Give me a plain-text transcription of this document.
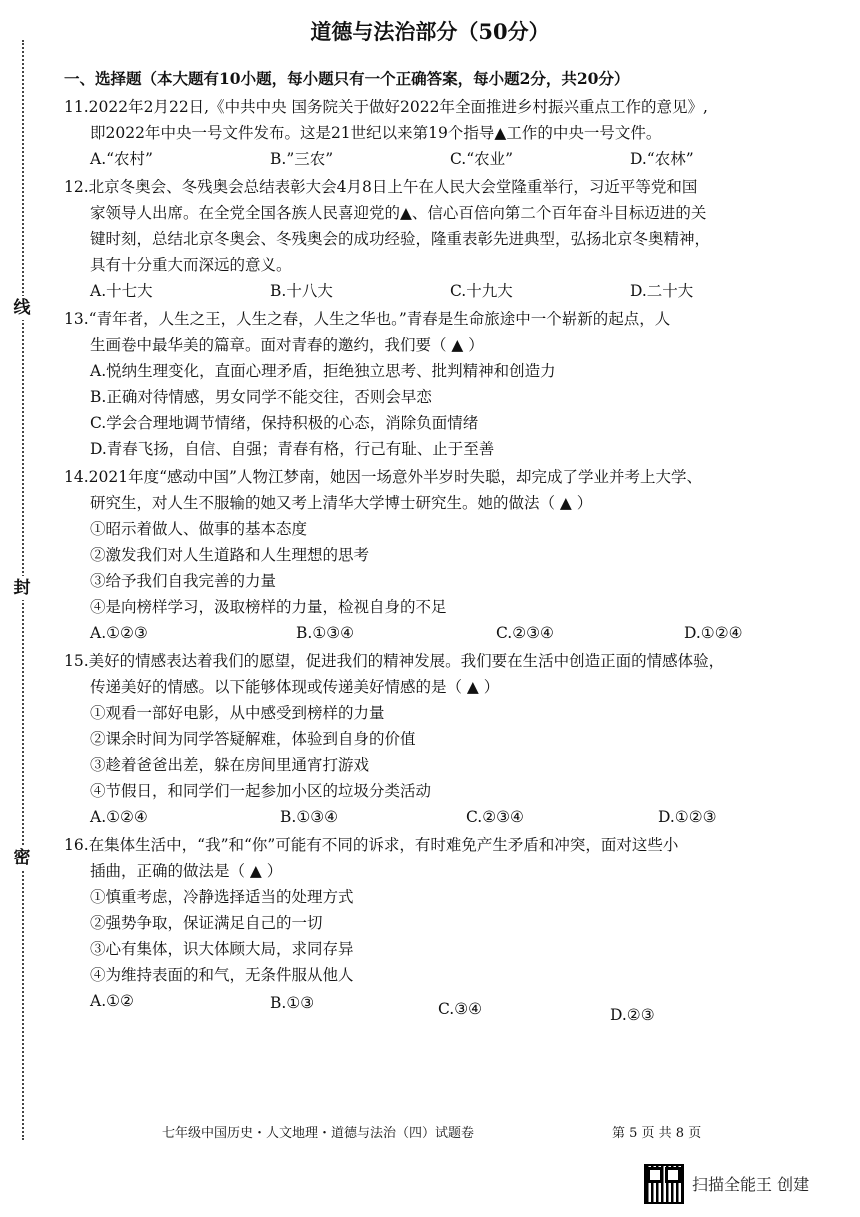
线
封
密
道德与法治部分（50分）
一、选择题（本大题有10小题，每小题只有一个正确答案，每小题2分，共20分）
11.2022年2月22日,《中共中央 国务院关于做好2022年全面推进乡村振兴重点工作的意见》,
即2022年中央一号文件发布。这是21世纪以来第19个指导▲工作的中央一号文件。
A.“农村”	B.”三农”	C.“农业”	D.“农林”
12.北京冬奥会、冬残奥会总结表彰大会4月8日上午在人民大会堂隆重举行，习近平等党和国
家领导人出席。在全党全国各族人民喜迎党的▲、信心百倍向第二个百年奋斗目标迈进的关
键时刻，总结北京冬奥会、冬残奥会的成功经验，隆重表彰先进典型，弘扬北京冬奥精神，
具有十分重大而深远的意义。
A.十七大	B.十八大	C.十九大	D.二十大
13.“青年者，人生之王，人生之春，人生之华也。”青春是生命旅途中一个崭新的起点，人
生画卷中最华美的篇章。面对青春的邀约，我们要（ ▲ ）
A.悦纳生理变化，直面心理矛盾，拒绝独立思考、批判精神和创造力
B.正确对待情感，男女同学不能交往，否则会早恋
C.学会合理地调节情绪，保持积极的心态，消除负面情绪
D.青春飞扬，自信、自强；青春有格，行己有耻、止于至善
14.2021年度“感动中国”人物江梦南，她因一场意外半岁时失聪，却完成了学业并考上大学、
研究生，对人生不服输的她又考上清华大学博士研究生。她的做法（ ▲ ）
①昭示着做人、做事的基本态度
②激发我们对人生道路和人生理想的思考
③给予我们自我完善的力量
④是向榜样学习，汲取榜样的力量，检视自身的不足
A.①②③	B.①③④	C.②③④	D.①②④
15.美好的情感表达着我们的愿望，促进我们的精神发展。我们要在生活中创造正面的情感体验，
传递美好的情感。以下能够体现或传递美好情感的是（ ▲ ）
①观看一部好电影，从中感受到榜样的力量
②课余时间为同学答疑解难，体验到自身的价值
③趁着爸爸出差，躲在房间里通宵打游戏
④节假日，和同学们一起参加小区的垃圾分类活动
A.①②④	B.①③④	C.②③④	D.①②③
16.在集体生活中，“我”和“你”可能有不同的诉求，有时难免产生矛盾和冲突，面对这些小
插曲，正确的做法是（ ▲ ）
①慎重考虑，冷静选择适当的处理方式
②强势争取，保证满足自己的一切
③心有集体，识大体顾大局，求同存异
④为维持表面的和气，无条件服从他人
A.①②	B.①③	C.③④	D.②③
七年级中国历史・人文地理・道德与法治（四）试题卷	第 5 页 共 8 页
扫描全能王 创建
